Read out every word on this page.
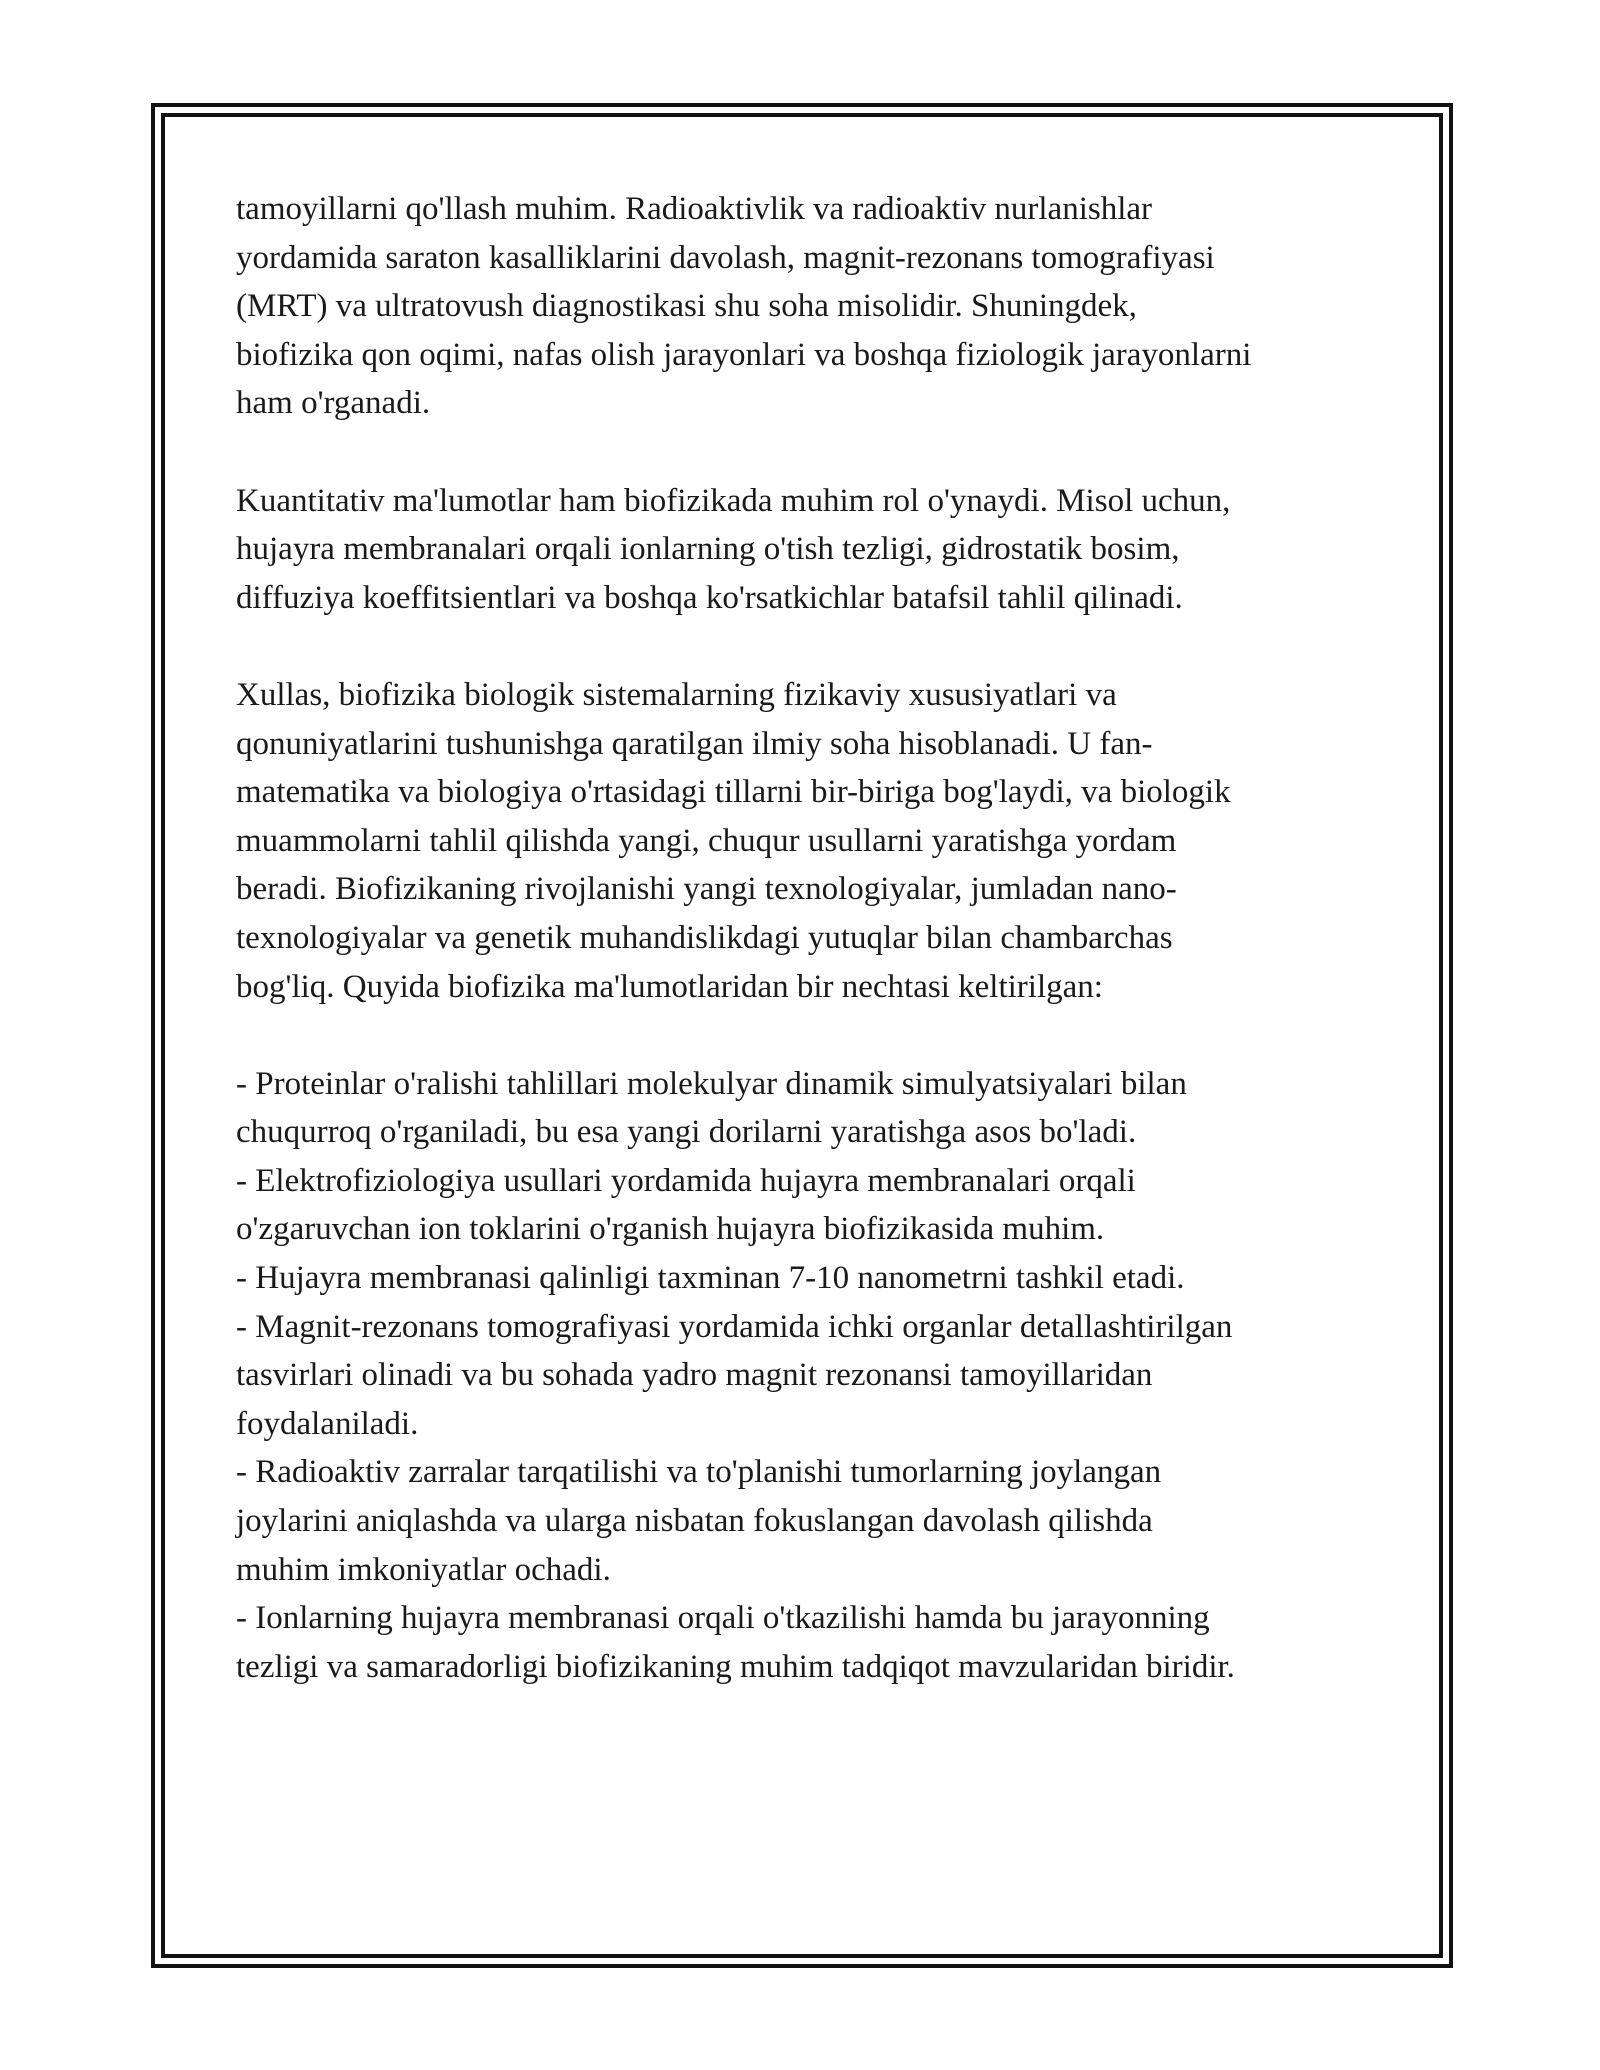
tamoyillarni qo'llash muhim. Radioaktivlik va radioaktiv nurlanishlar
yordamida saraton kasalliklarini davolash, magnit-rezonans tomografiyasi
(MRT) va ultratovush diagnostikasi shu soha misolidir. Shuningdek,
biofizika qon oqimi, nafas olish jarayonlari va boshqa fiziologik jarayonlarni
ham o'rganadi.
Kuantitativ ma'lumotlar ham biofizikada muhim rol o'ynaydi. Misol uchun,
hujayra membranalari orqali ionlarning o'tish tezligi, gidrostatik bosim,
diffuziya koeffitsientlari va boshqa ko'rsatkichlar batafsil tahlil qilinadi.
Xullas, biofizika biologik sistemalarning fizikaviy xususiyatlari va
qonuniyatlarini tushunishga qaratilgan ilmiy soha hisoblanadi. U fan-
matematika va biologiya o'rtasidagi tillarni bir-biriga bog'laydi, va biologik
muammolarni tahlil qilishda yangi, chuqur usullarni yaratishga yordam
beradi. Biofizikaning rivojlanishi yangi texnologiyalar, jumladan nano-
texnologiyalar va genetik muhandislikdagi yutuqlar bilan chambarchas
bog'liq. Quyida biofizika ma'lumotlaridan bir nechtasi keltirilgan:
- Proteinlar o'ralishi tahlillari molekulyar dinamik simulyatsiyalari bilan
chuqurroq o'rganiladi, bu esa yangi dorilarni yaratishga asos bo'ladi.
- Elektrofiziologiya usullari yordamida hujayra membranalari orqali
o'zgaruvchan ion toklarini o'rganish hujayra biofizikasida muhim.
- Hujayra membranasi qalinligi taxminan 7-10 nanometrni tashkil etadi.
- Magnit-rezonans tomografiyasi yordamida ichki organlar detallashtirilgan
tasvirlari olinadi va bu sohada yadro magnit rezonansi tamoyillaridan
foydalaniladi.
- Radioaktiv zarralar tarqatilishi va to'planishi tumorlarning joylangan
joylarini aniqlashda va ularga nisbatan fokuslangan davolash qilishda
muhim imkoniyatlar ochadi.
- Ionlarning hujayra membranasi orqali o'tkazilishi hamda bu jarayonning
tezligi va samaradorligi biofizikaning muhim tadqiqot mavzularidan biridir.
